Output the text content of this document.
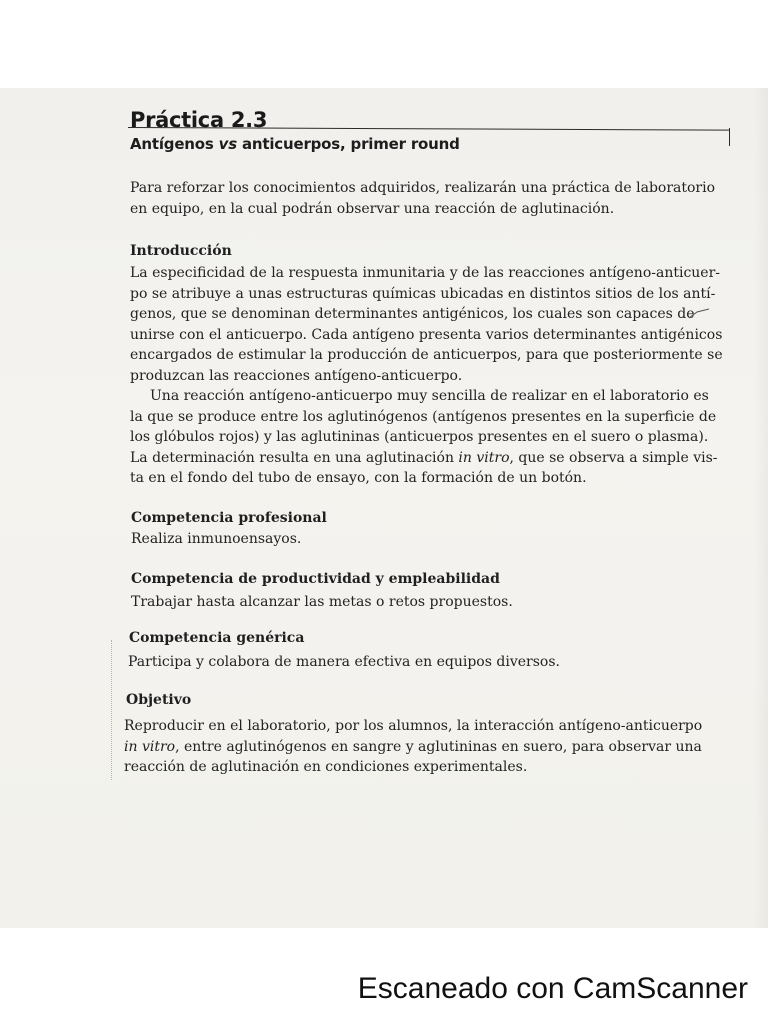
Práctica 2.3
Antígenos vs anticuerpos, primer round

Para reforzar los conocimientos adquiridos, realizarán una práctica de laboratorio
en equipo, en la cual podrán observar una reacción de aglutinación.

Introducción

La especificidad de la respuesta inmunitaria y de las reacciones antígeno-anticuer-
po se atribuye a unas estructuras químicas ubicadas en distintos sitios de los antí-
genos, que se denominan determinantes antigénicos, los cuales son capaces de
unirse con el anticuerpo. Cada antígeno presenta varios determinantes antigénicos
encargados de estimular la producción de anticuerpos, para que posteriormente se
produzcan las reacciones antígeno-anticuerpo.

Una reacción antígeno-anticuerpo muy sencilla de realizar en el laboratorio es
la que se produce entre los aglutinógenos (antígenos presentes en la superficie de
los glóbulos rojos) y las aglutininas (anticuerpos presentes en el suero o plasma).
La determinación resulta en una aglutinación in vitro, que se observa a simple vis-
ta en el fondo del tubo de ensayo, con la formación de un botón.

Competencia profesional

Realiza inmunoensayos.

Competencia de productividad y empleabilidad

Trabajar hasta alcanzar las metas o retos propuestos.

Competencia genérica

Participa y colabora de manera efectiva en equipos diversos.

Objetivo

Reproducir en el laboratorio, por los alumnos, la interacción antígeno-anticuerpo
in vitro, entre aglutinógenos en sangre y aglutininas en suero, para observar una
reacción de aglutinación en condiciones experimentales.

Escaneado con CamScanner
